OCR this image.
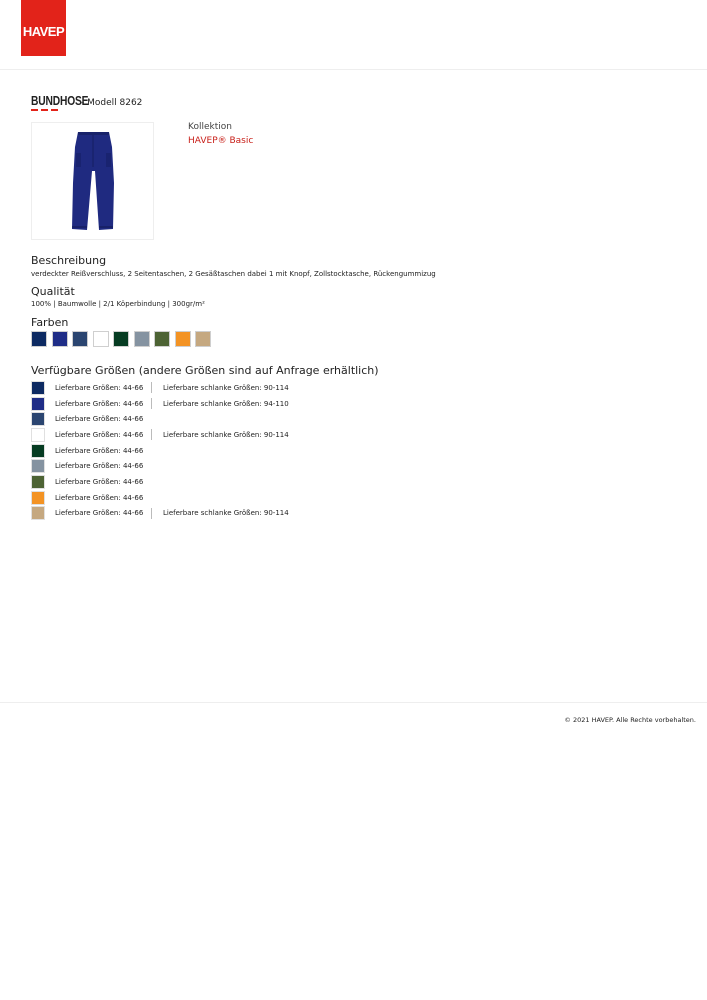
HAVEP
BUNDHOSE
- Modell 8262
Kollektion
HAVEP® Basic
Beschreibung
verdeckter Reißverschluss, 2 Seitentaschen, 2 Gesäßtaschen dabei 1 mit Knopf, Zollstocktasche, Rückengummizug
Qualität
100% | Baumwolle | 2/1 Köperbindung | 300gr/m²
Farben
Verfügbare Größen (andere Größen sind auf Anfrage erhältlich)
Lieferbare Größen: 44-66	Lieferbare schlanke Größen: 90-114
Lieferbare Größen: 44-66	Lieferbare schlanke Größen: 94-110
Lieferbare Größen: 44-66
Lieferbare Größen: 44-66	Lieferbare schlanke Größen: 90-114
Lieferbare Größen: 44-66
Lieferbare Größen: 44-66
Lieferbare Größen: 44-66
Lieferbare Größen: 44-66
Lieferbare Größen: 44-66	Lieferbare schlanke Größen: 90-114
© 2021 HAVEP. Alle Rechte vorbehalten.
